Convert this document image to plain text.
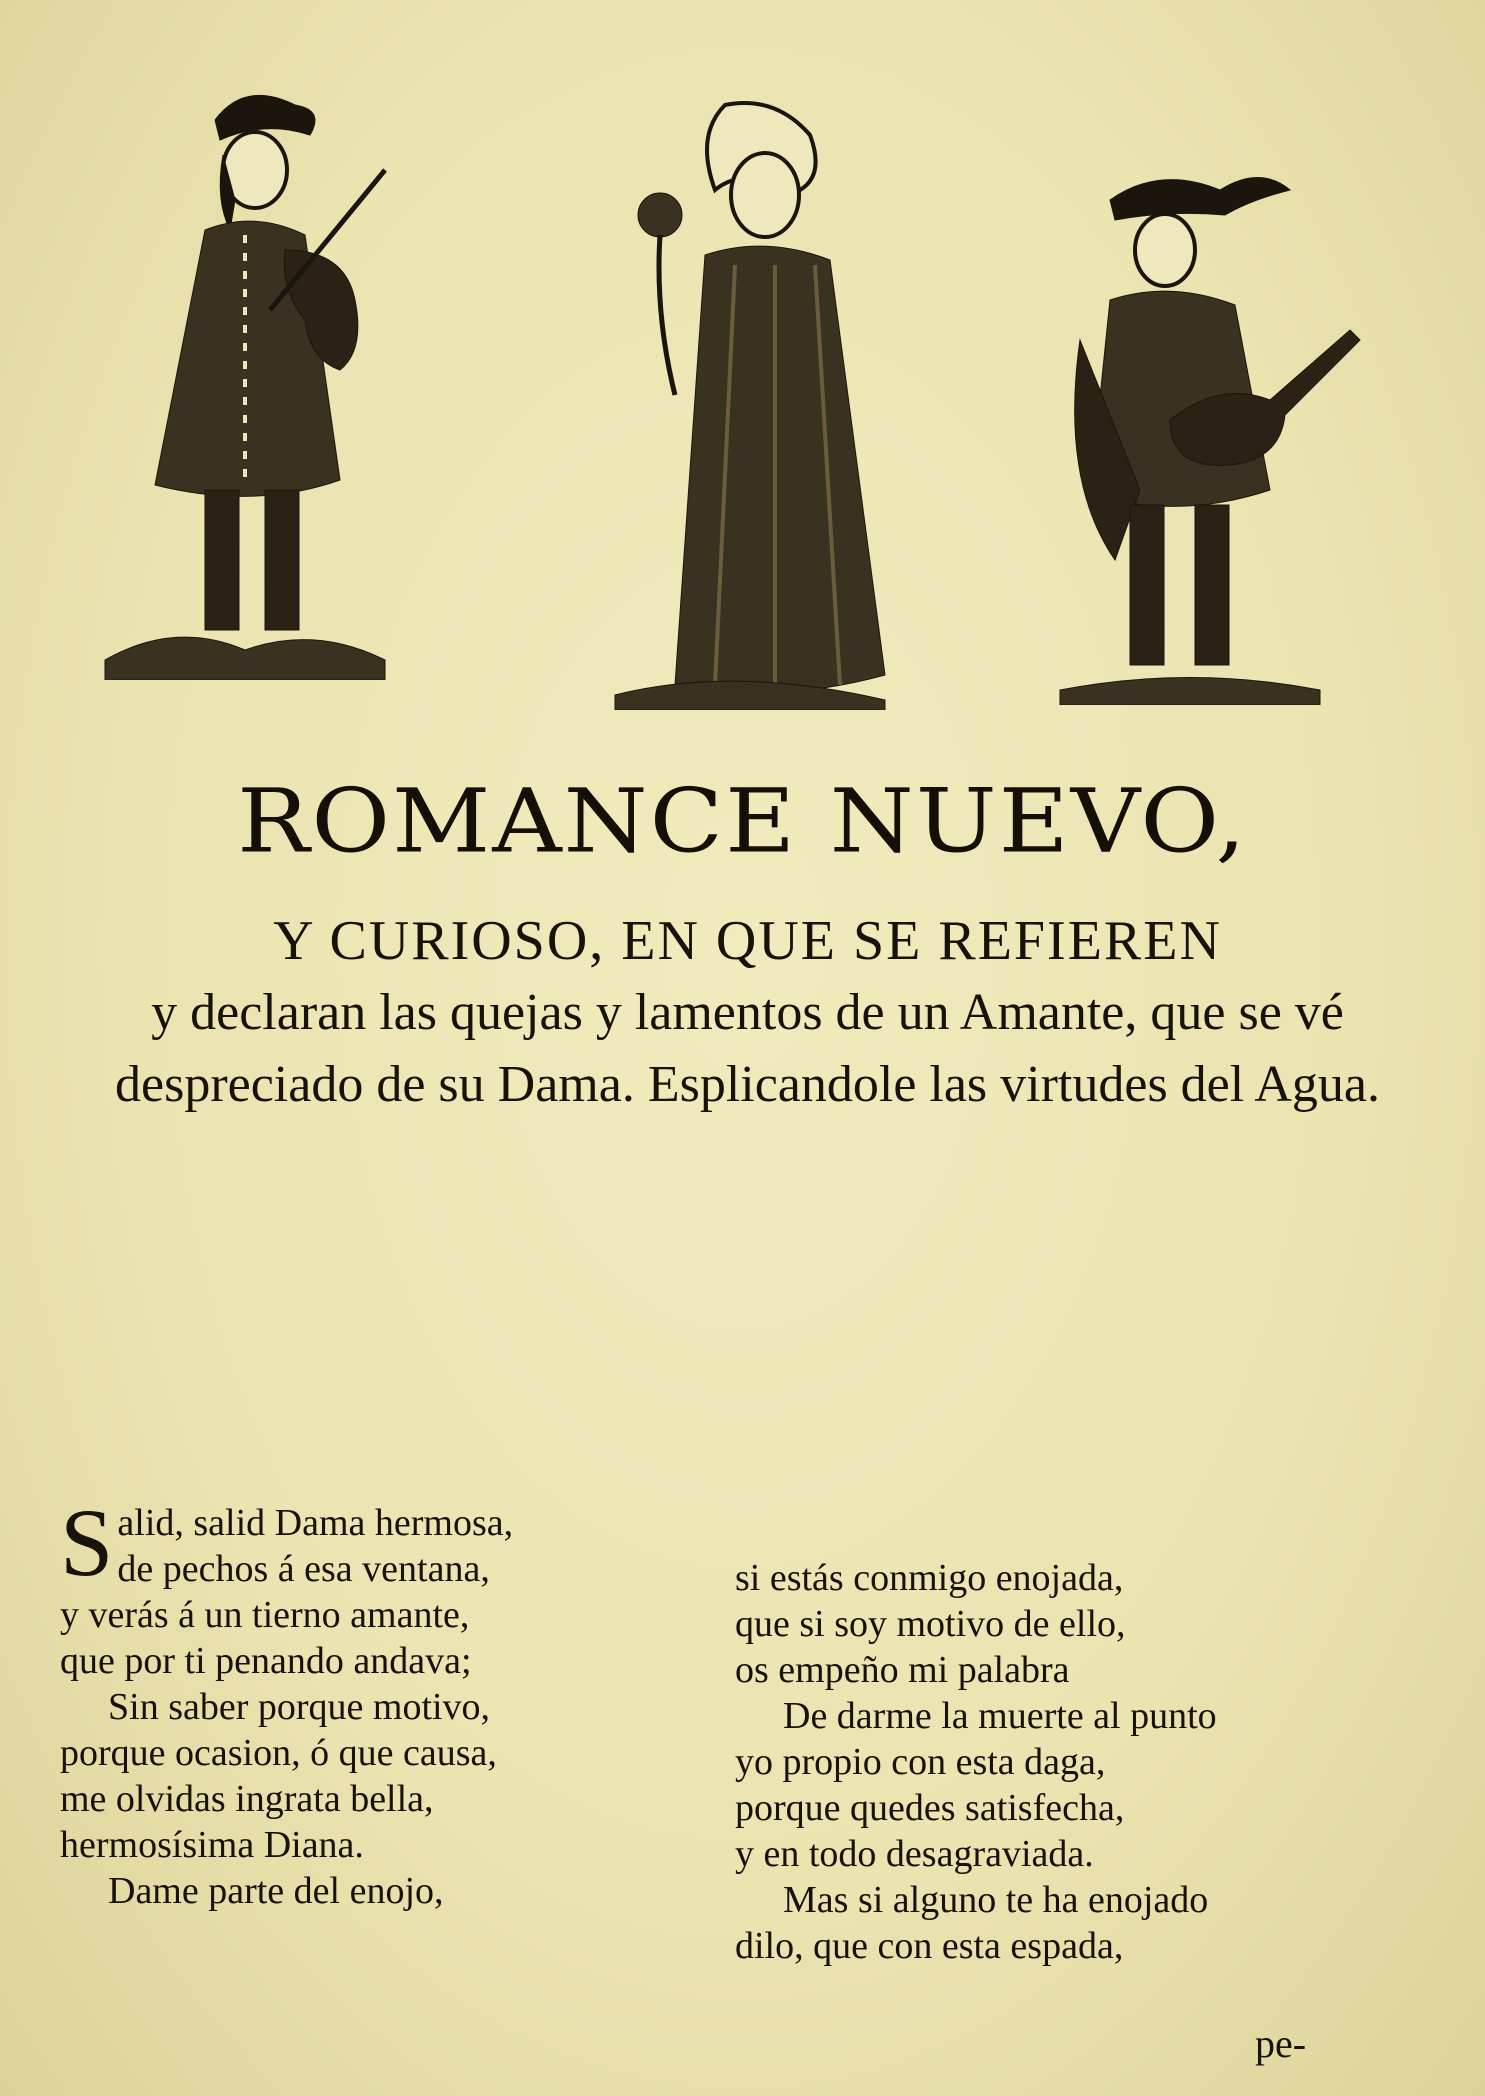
ROMANCE NUEVO,
Y CURIOSO, EN QUE SE REFIEREN
y declaran las quejas y lamentos de un Amante, que se vé despreciado de su Dama. Esplicandole las virtudes del Agua.
S alid, salid Dama hermosa,
de pechos á esa ventana,
y verás á un tierno amante,
que por ti penando andava;
Sin saber porque motivo,
porque ocasion, ó que causa,
me olvidas ingrata bella,
hermosísima Diana.
Dame parte del enojo,
si estás conmigo enojada,
que si soy motivo de ello,
os empeño mi palabra
De darme la muerte al punto
yo propio con esta daga,
porque quedes satisfecha,
y en todo desagraviada.
Mas si alguno te ha enojado
dilo, que con esta espada,
pe-
